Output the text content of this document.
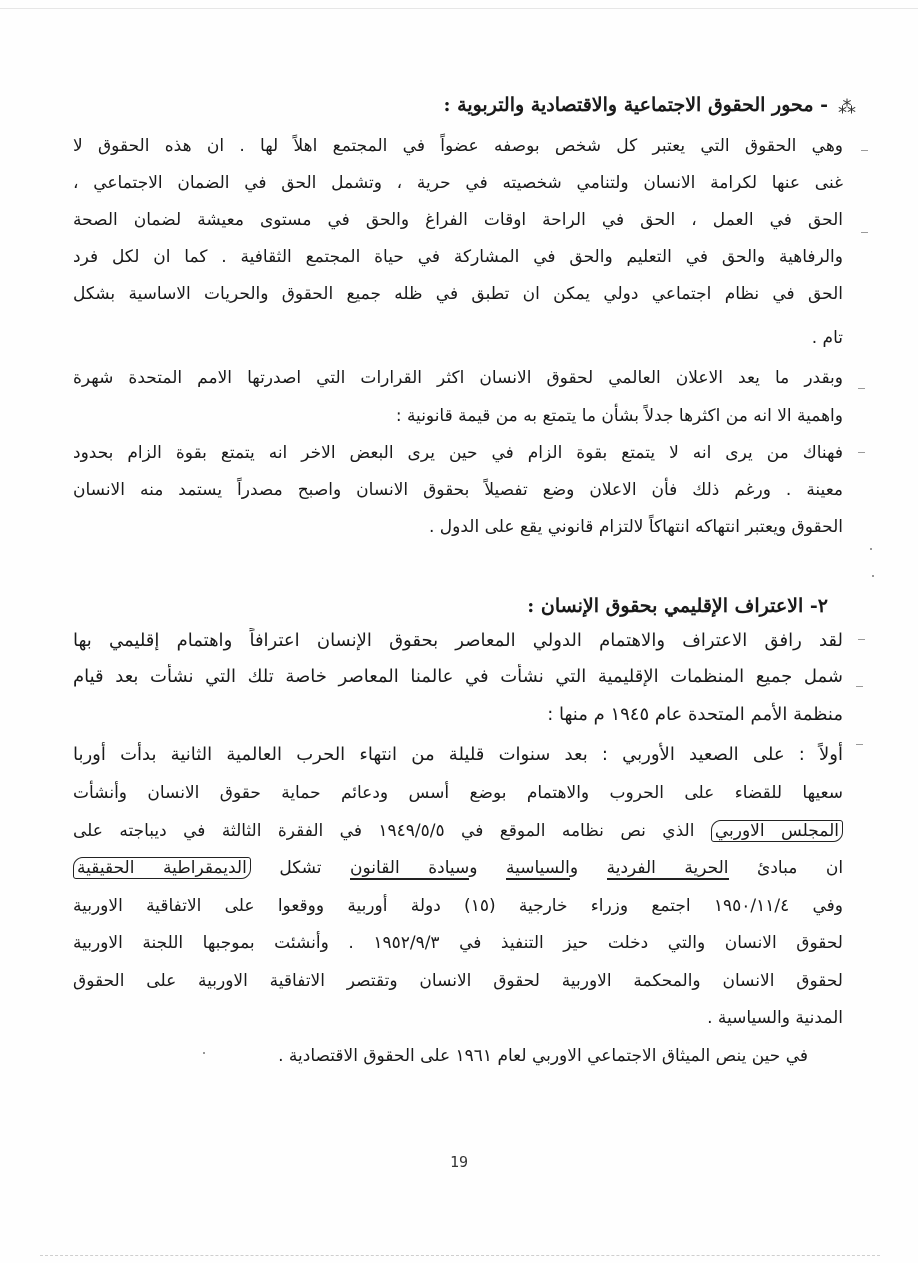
⁂
- محور الحقوق الاجتماعية والاقتصادية والتربوية :
وهي الحقوق التي يعتبر كل شخص بوصفه عضواً في المجتمع اهلاً لها . ان هذه الحقوق لا
غنى عنها لكرامة الانسان ولتنامي شخصيته في حرية ، وتشمل الحق في الضمان الاجتماعي ،
الحق في العمل ، الحق في الراحة اوقات الفراغ والحق في مستوى معيشة لضمان الصحة
والرفاهية والحق في التعليم والحق في المشاركة في حياة المجتمع الثقافية . كما ان لكل فرد
الحق في نظام اجتماعي دولي يمكن ان تطبق في ظله جميع الحقوق والحريات الاساسية بشكل
تام .
وبقدر ما يعد الاعلان العالمي لحقوق الانسان اكثر القرارات التي اصدرتها الامم المتحدة شهرة
واهمية الا انه من اكثرها جدلاً بشأن ما يتمتع به من قيمة قانونية :
فهناك من يرى انه لا يتمتع بقوة الزام في حين يرى البعض الاخر انه يتمتع بقوة الزام بحدود
معينة . ورغم ذلك فأن الاعلان وضع تفصيلاً بحقوق الانسان واصبح مصدراً يستمد منه الانسان
الحقوق ويعتبر انتهاكه انتهاكاً لالتزام قانوني يقع على الدول .
٢- الاعتراف الإقليمي بحقوق الإنسان :
لقد رافق الاعتراف والاهتمام الدولي المعاصر بحقوق الإنسان اعترافاً واهتمام إقليمي بها
شمل جميع المنظمات الإقليمية التي نشأت في عالمنا المعاصر خاصة تلك التي نشأت بعد قيام
منظمة الأمم المتحدة عام ١٩٤٥ م منها :
أولاً : على الصعيد الأوربي : بعد سنوات قليلة من انتهاء الحرب العالمية الثانية بدأت أوربا
سعيها للقضاء على الحروب والاهتمام بوضع أسس ودعائم حماية حقوق الانسان وأنشأت
المجلس الاوربي الذي نص نظامه الموقع في ١٩٤٩/٥/٥ في الفقرة الثالثة في ديباجته على
ان مبادئ الحرية الفردية والسياسية وسيادة القانون تشكل الديمقراطية الحقيقية
وفي ١٩٥٠/١١/٤ اجتمع وزراء خارجية (١٥) دولة أوربية ووقعوا على الاتفاقية الاوربية
لحقوق الانسان والتي دخلت حيز التنفيذ في ١٩٥٢/٩/٣ . وأنشئت بموجبها اللجنة الاوربية
لحقوق الانسان والمحكمة الاوربية لحقوق الانسان وتقتصر الاتفاقية الاوربية على الحقوق
المدنية والسياسية .
في حين ينص الميثاق الاجتماعي الاوربي لعام ١٩٦١ على الحقوق الاقتصادية .
19
